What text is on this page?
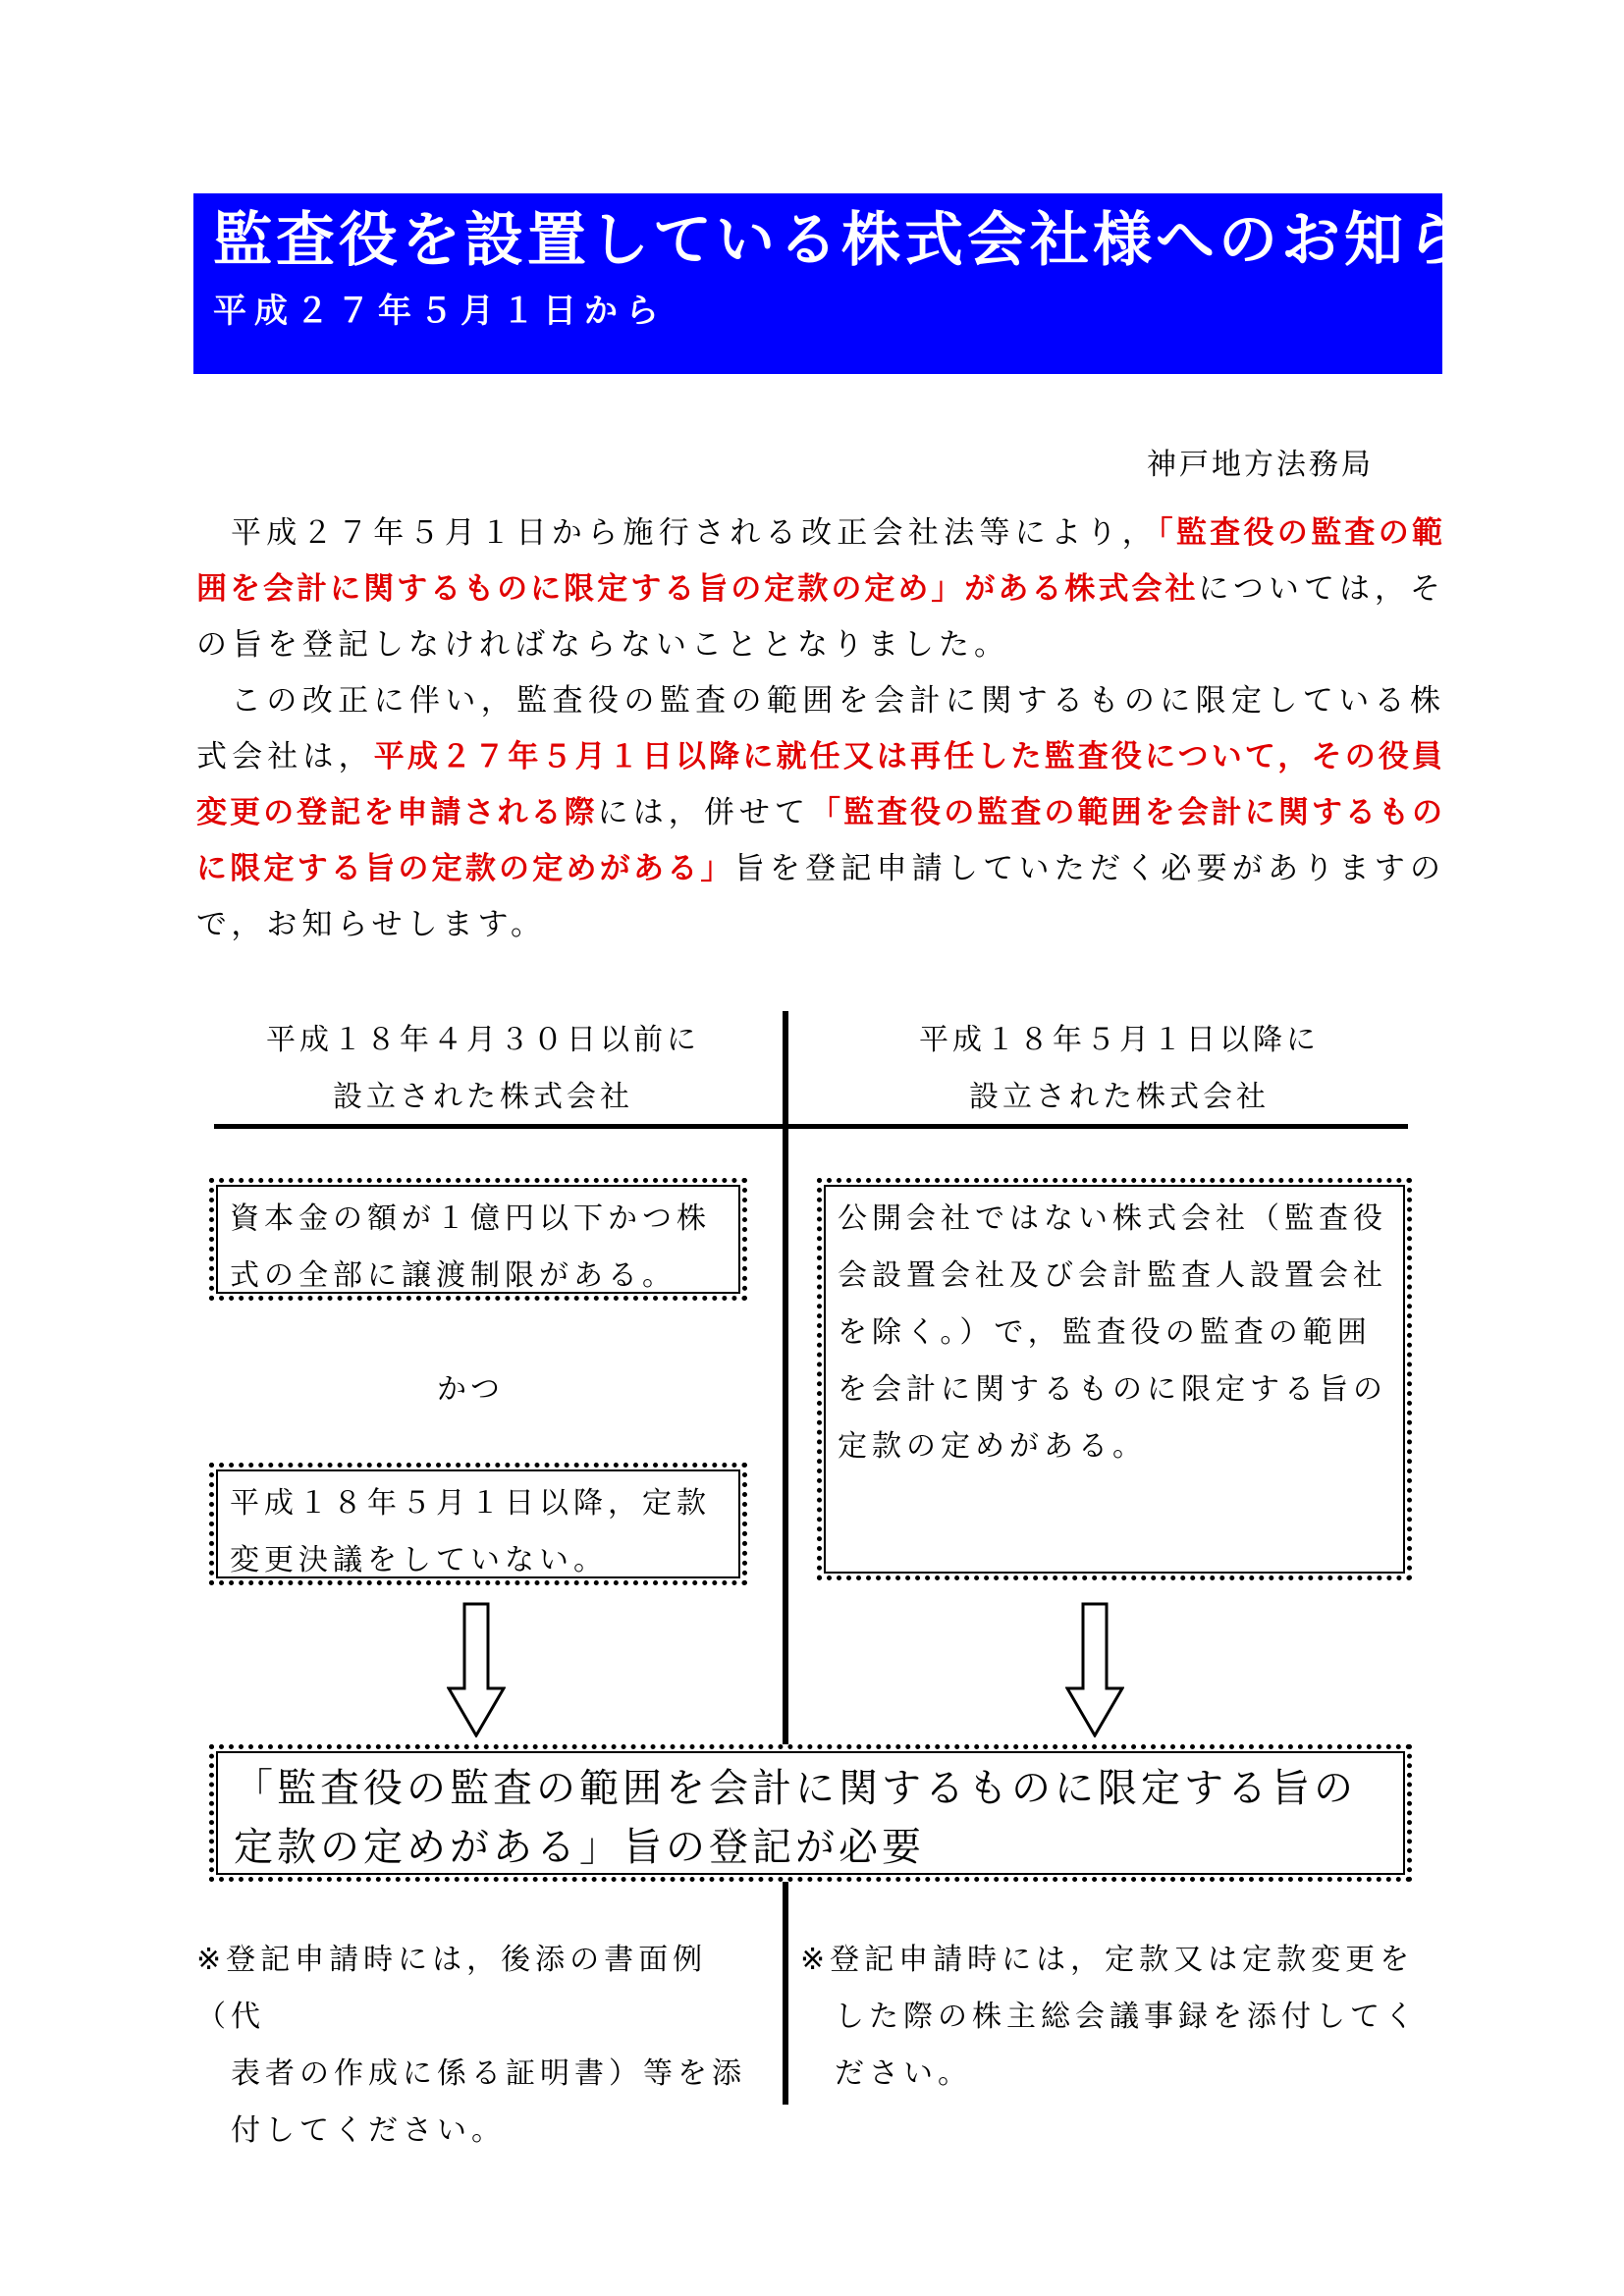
監査役を設置している株式会社様へのお知らせ
平成２７年５月１日から
神戸地方法務局

平成２７年５月１日から施行される改正会社法等により，「監査役の監査の範囲を会計に関するものに限定する旨の定款の定め」がある株式会社については，その旨を登記しなければならないこととなりました。

この改正に伴い，監査役の監査の範囲を会計に関するものに限定している株式会社は，平成２７年５月１日以降に就任又は再任した監査役について，その役員変更の登記を申請される際には，併せて「監査役の監査の範囲を会計に関するものに限定する旨の定款の定めがある」旨を登記申請していただく必要がありますので，お知らせします。

平成１８年４月３０日以前に
設立された株式会社
平成１８年５月１日以降に
設立された株式会社
資本金の額が１億円以下かつ株式の全部に譲渡制限がある。
かつ
平成１８年５月１日以降，定款変更決議をしていない。
公開会社ではない株式会社（監査役会設置会社及び会計監査人設置会社を除く。）で，監査役の監査の範囲を会計に関するものに限定する旨の定款の定めがある。
「監査役の監査の範囲を会計に関するものに限定する旨の
定款の定めがある」旨の登記が必要
※登記申請時には，後添の書面例（代
表者の作成に係る証明書）等を添
付してください。
※登記申請時には，定款又は定款変更を
した際の株主総会議事録を添付してく
ださい。
